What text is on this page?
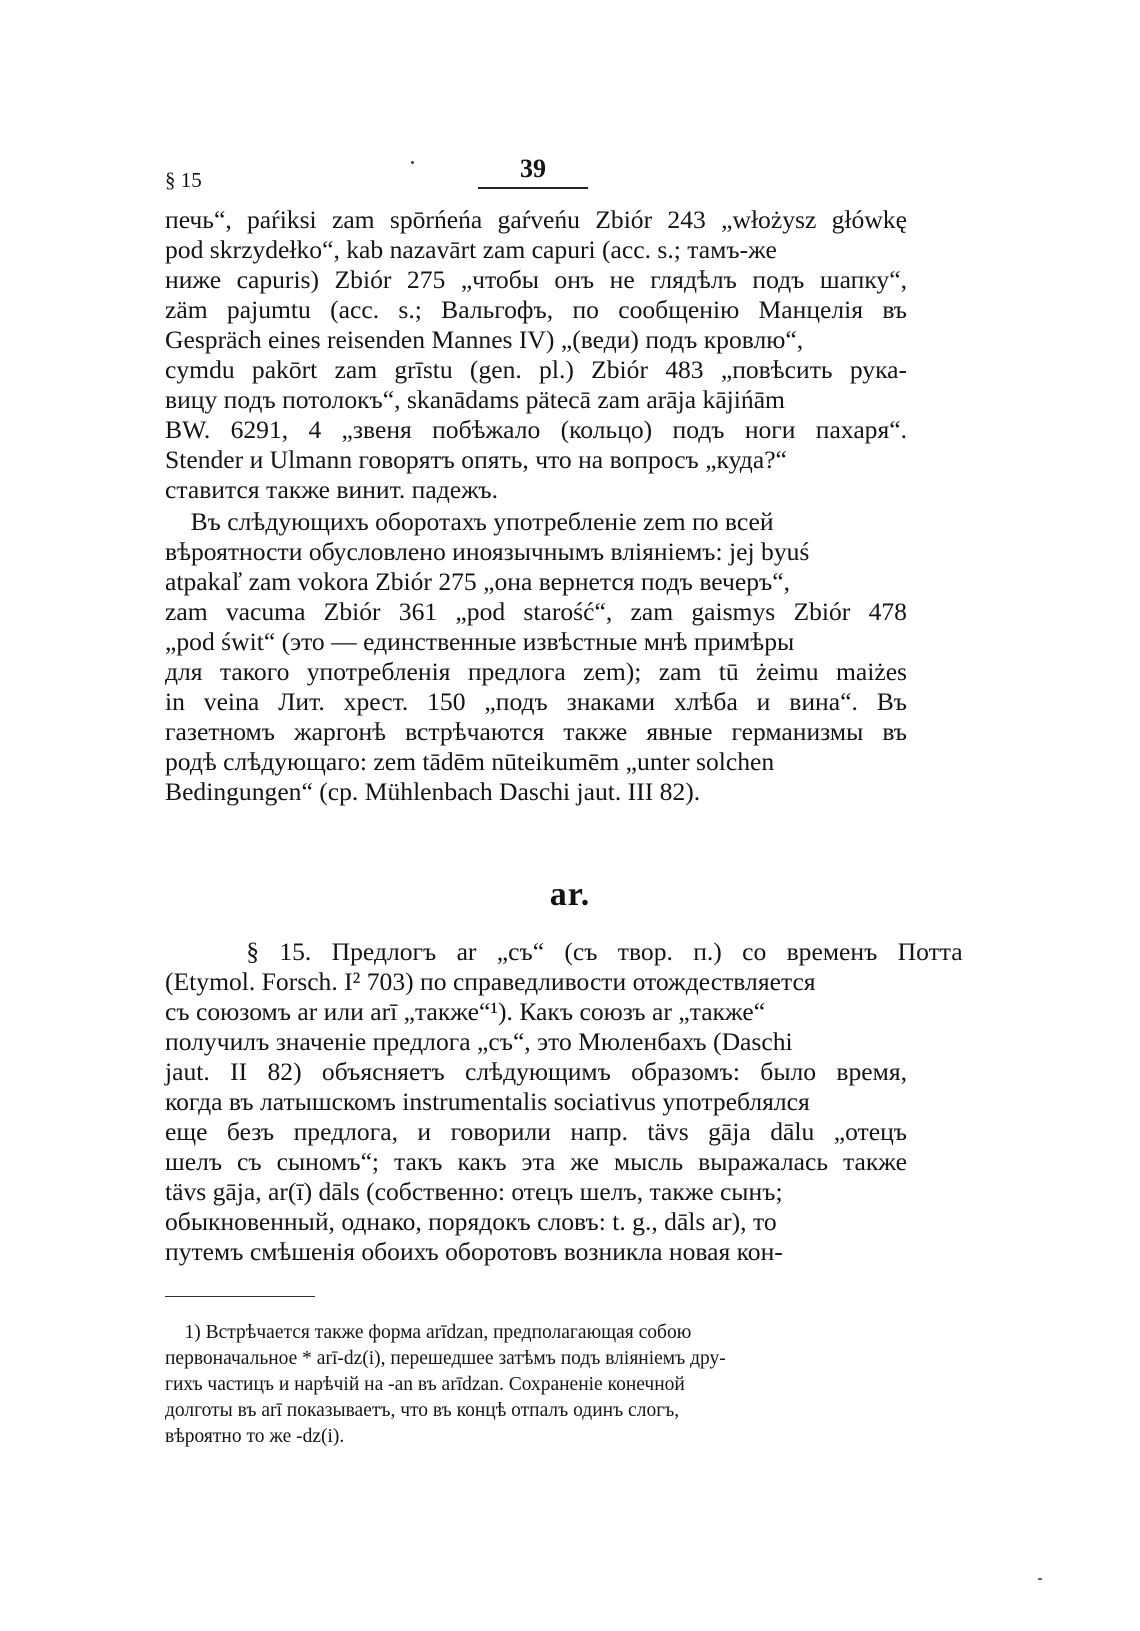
§ 15	39
печь“, paŕiksi zam spōrńeńa gaŕveńu Zbiór 243 „włożysz główkę
pod skrzydełko“, kab nazavārt zam capuri (acc. s.; тамъ-же
ниже capuris) Zbiór 275 „чтобы онъ не глядѣлъ подъ шапку“,
zäm pajumtu (acc. s.; Вальгофъ, по сообщенію Манцелія въ
Gespräch eines reisenden Mannes IV) „(веди) подъ кровлю“,
cymdu pakōrt zam grīstu (gen. pl.) Zbiór 483 „повѣсить рука-
вицу подъ потолокъ“, skanādams pätecā zam arāja kājińām
BW. 6291, 4 „звеня побѣжало (кольцо) подъ ноги пахаря“.
Stender и Ulmann говорятъ опять, что на вопросъ „куда?“
ставится также винит. падежъ.
Въ слѣдующихъ оборотахъ употребленіе zem по всей
вѣроятности обусловлено иноязычнымъ вліяніемъ: jej byuś
atpakaľ zam vokora Zbiór 275 „она вернется подъ вечеръ“,
zam vacuma Zbiór 361 „pod starość“, zam gaismys Zbiór 478
„pod świt“ (это — единственные извѣстные мнѣ примѣры
для такого употребленія предлога zem); zam tū żeimu maiżes
in veina Лит. хрест. 150 „подъ знаками хлѣба и вина“. Въ
газетномъ жаргонѣ встрѣчаются также явные германизмы въ
родѣ слѣдующаго: zem tādēm nūteikumēm „unter solchen
Bedingungen“ (ср. Mühlenbach Daschi jaut. III 82).
ar.
§ 15. Предлогъ ar „съ“ (съ твор. п.) со временъ Потта
(Etymol. Forsch. I² 703) по справедливости отождествляется
съ союзомъ ar или arī „также“¹). Какъ союзъ ar „также“
получилъ значеніе предлога „съ“, это Мюленбахъ (Daschi
jaut. II 82) объясняетъ слѣдующимъ образомъ: было время,
когда въ латышскомъ instrumentalis sociativus употреблялся
еще безъ предлога, и говорили напр. tävs gāja dālu „отецъ
шелъ съ сыномъ“; такъ какъ эта же мысль выражалась также
tävs gāja, ar(ī) dāls (собственно: отецъ шелъ, также сынъ;
обыкновенный, однако, порядокъ словъ: t. g., dāls ar), то
путемъ смѣшенія обоихъ оборотовъ возникла новая кон-
1) Встрѣчается также форма arīdzan, предполагающая собою
первоначальное * arī-dz(i), перешедшее затѣмъ подъ вліяніемъ дру-
гихъ частицъ и нарѣчій на -an въ arīdzan. Сохраненіе конечной
долготы въ arī показываетъ, что въ концѣ отпалъ одинъ слогъ,
вѣроятно то же -dz(i).
